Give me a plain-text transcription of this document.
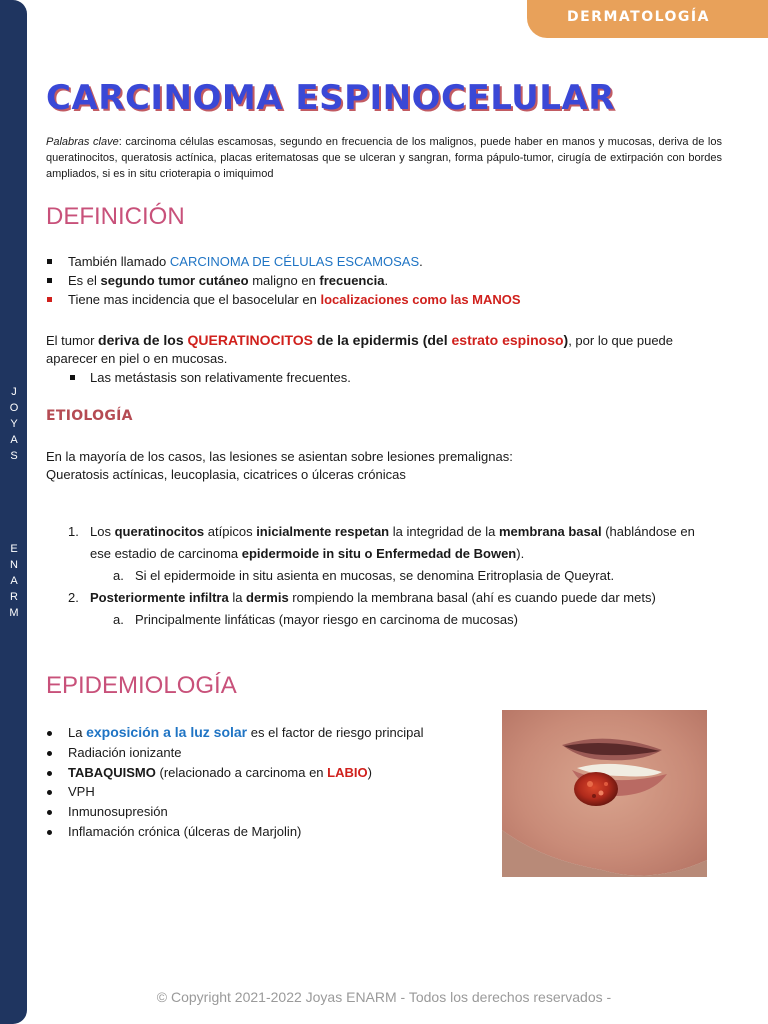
J
O
Y
A
S
E
N
A
R
M
DERMATOLOGÍA
CARCINOMA ESPINOCELULAR
Palabras clave: carcinoma células escamosas, segundo en frecuencia de los malignos, puede haber en manos y mucosas, deriva de los queratinocitos, queratosis actínica, placas eritematosas que se ulceran y sangran, forma pápulo-tumor, cirugía de extirpación con bordes ampliados, si es in situ crioterapia o imiquimod
DEFINICIÓN
También llamado CARCINOMA DE CÉLULAS ESCAMOSAS.
Es el segundo tumor cutáneo maligno en frecuencia.
Tiene mas incidencia que el basocelular en localizaciones como las MANOS
El tumor deriva de los QUERATINOCITOS de la epidermis (del estrato espinoso), por lo que puede
aparecer en piel o en mucosas.
Las metástasis son relativamente frecuentes.
ETIOLOGÍA
En la mayoría de los casos, las lesiones se asientan sobre lesiones premalignas:
Queratosis actínicas, leucoplasia, cicatrices o úlceras crónicas
1. Los queratinocitos atípicos inicialmente respetan la integridad de la membrana basal (hablándose en
ese estadio de carcinoma epidermoide in situ o Enfermedad de Bowen).
a. Si el epidermoide in situ asienta en mucosas, se denomina Eritroplasia de Queyrat.
2. Posteriormente infiltra la dermis rompiendo la membrana basal (ahí es cuando puede dar mets)
a. Principalmente linfáticas (mayor riesgo en carcinoma de mucosas)
EPIDEMIOLOGÍA
La exposición a la luz solar es el factor de riesgo principal
Radiación ionizante
TABAQUISMO (relacionado a carcinoma en LABIO)
VPH
Inmunosupresión
Inflamación crónica (úlceras de Marjolin)
© Copyright 2021-2022 Joyas ENARM - Todos los derechos reservados -
